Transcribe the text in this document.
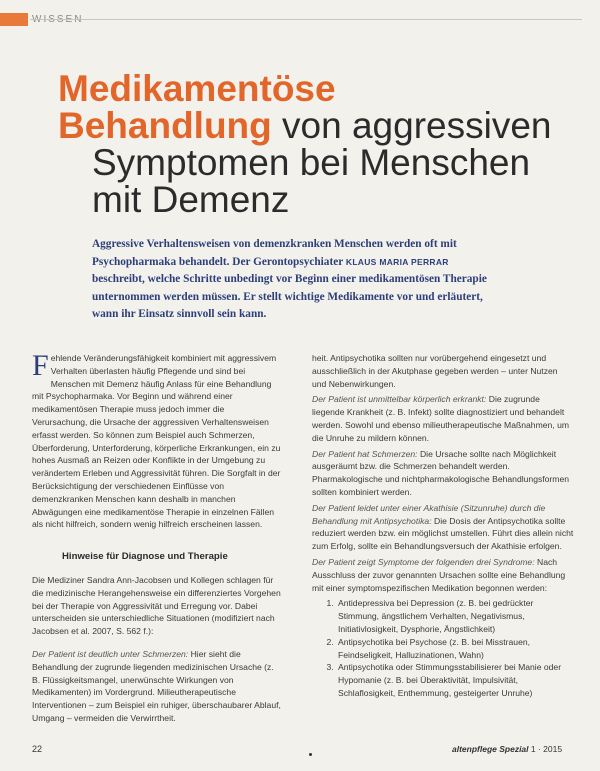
WISSEN
Medikamentöse
Behandlung von aggressiven
Symptomen bei Menschen
mit Demenz
Aggressive Verhaltensweisen von demenzkranken Menschen werden oft mit Psychopharmaka behandelt. Der Gerontopsychiater KLAUS MARIA PERRAR beschreibt, welche Schritte unbedingt vor Beginn einer medikamentösen Therapie unternommen werden müssen. Er stellt wichtige Medikamente vor und erläutert, wann ihr Einsatz sinnvoll sein kann.

Fehlende Veränderungsfähigkeit kombiniert mit aggressivem Verhalten überlasten häufig Pflegende und sind bei Menschen mit Demenz häufig Anlass für eine Behandlung mit Psychopharmaka. Vor Beginn und während einer medikamentösen Therapie muss jedoch immer die Verursachung, die Ursache der aggressiven Verhaltensweisen erfasst werden. So können zum Beispiel auch Schmerzen, Überforderung, Unterforderung, körperliche Erkrankungen, ein zu hohes Ausmaß an Reizen oder Konflikte in der Umgebung zu verändertem Erleben und Aggressivität führen. Die Sorgfalt in der Berücksichtigung der verschiedenen Einflüsse von demenzkranken Menschen kann deshalb in manchen Abwägungen eine medikamentöse Therapie in einzelnen Fällen als nicht hilfreich, sondern wenig hilfreich erscheinen lassen.

Hinweise für Diagnose und Therapie

Die Mediziner Sandra Ann-Jacobsen und Kollegen schlagen für die medizinische Herangehensweise ein differenziertes Vorgehen bei der Therapie von Aggressivität und Erregung vor. Dabei unterscheiden sie unterschiedliche Situationen (modifiziert nach Jacobsen et al. 2007, S. 562 f.):

Der Patient ist deutlich unter Schmerzen: Hier sieht die Behandlung der zugrunde liegenden medizinischen Ursache (z. B. Flüssigkeitsmangel, unerwünschte Wirkungen von Medikamenten) im Vordergrund. Milieutherapeutische Interventionen – zum Beispiel ein ruhiger, überschaubarer Ablauf, Umgang – vermeiden die Verwirrtheit.

heit. Antipsychotika sollten nur vorübergehend eingesetzt und ausschließlich in der Akutphase gegeben werden – unter Nutzen und Nebenwirkungen.

Der Patient ist unmittelbar körperlich erkrankt: Die zugrunde liegende Krankheit (z. B. Infekt) sollte diagnostiziert und behandelt werden. Sowohl und ebenso milieutherapeutische Maßnahmen, um die Unruhe zu mildern können.

Der Patient hat Schmerzen: Die Ursache sollte nach Möglichkeit ausgeräumt bzw. die Schmerzen behandelt werden. Pharmakologische und nichtpharmakologische Behandlungsformen sollten kombiniert werden.

Der Patient leidet unter einer Akathisie (Sitzunruhe) durch die Behandlung mit Antipsychotika: Die Dosis der Antipsychotika sollte reduziert werden bzw. ein möglichst umstellen. Führt dies allein nicht zum Erfolg, sollte ein Behandlungsversuch der Akathisie erfolgen.

Der Patient zeigt Symptome der folgenden drei Syndrome: Nach Ausschluss der zuvor genannten Ursachen sollte eine Behandlung mit einer symptomspezifischen Medikation begonnen werden:

1. Antidepressiva bei Depression (z. B. bei gedrückter Stimmung, ängstlichem Verhalten, Negativismus, Initiativlosigkeit, Dysphorie, Ängstlichkeit)
2. Antipsychotika bei Psychose (z. B. bei Misstrauen, Feindseligkeit, Halluzinationen, Wahn)
3. Antipsychotika oder Stimmungsstabilisierer bei Manie oder Hypomanie (z. B. bei Überaktivität, Impulsivität, Schlaflosigkeit, Enthemmung, gesteigerter Unruhe)
22	altenpflege Spezial 1 · 2015
